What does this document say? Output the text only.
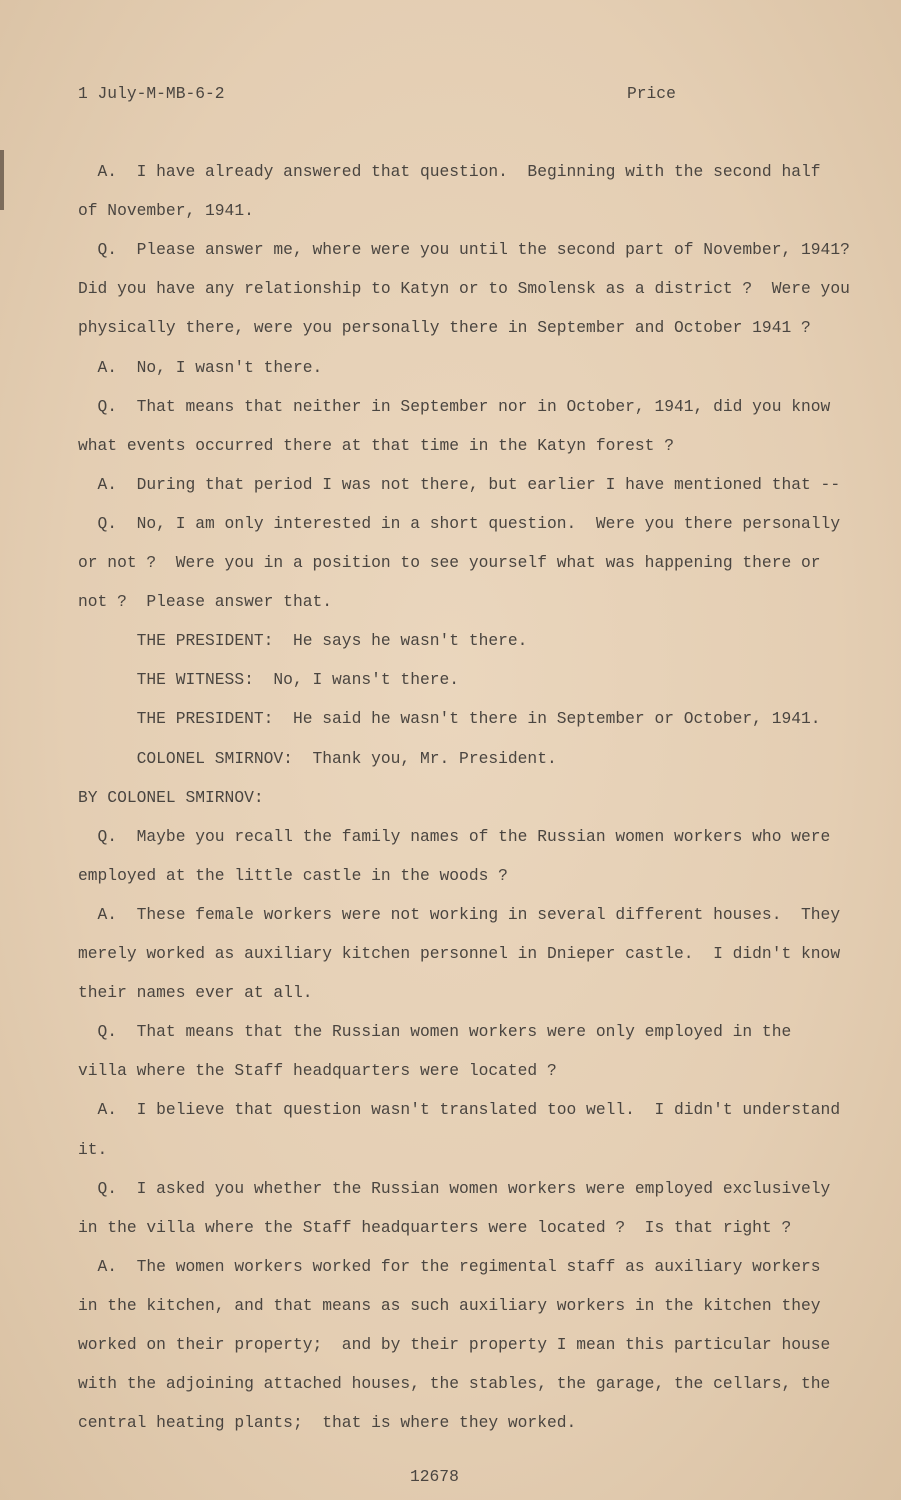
1 July-M-MB-6-2	Price
A.  I have already answered that question.  Beginning with the second half
of November, 1941.
Q.  Please answer me, where were you until the second part of November, 1941?
Did you have any relationship to Katyn or to Smolensk as a district ?  Were you
physically there, were you personally there in September and October 1941 ?
A.  No, I wasn't there.
Q.  That means that neither in September nor in October, 1941, did you know
what events occurred there at that time in the Katyn forest ?
A.  During that period I was not there, but earlier I have mentioned that --
Q.  No, I am only interested in a short question.  Were you there personally
or not ?  Were you in a position to see yourself what was happening there or
not ?  Please answer that.
THE PRESIDENT:  He says he wasn't there.
THE WITNESS:  No, I wans't there.
THE PRESIDENT:  He said he wasn't there in September or October, 1941.
COLONEL SMIRNOV:  Thank you, Mr. President.
BY COLONEL SMIRNOV:
Q.  Maybe you recall the family names of the Russian women workers who were
employed at the little castle in the woods ?
A.  These female workers were not working in several different houses.  They
merely worked as auxiliary kitchen personnel in Dnieper castle.  I didn't know
their names ever at all.
Q.  That means that the Russian women workers were only employed in the
villa where the Staff headquarters were located ?
A.  I believe that question wasn't translated too well.  I didn't understand
it.
Q.  I asked you whether the Russian women workers were employed exclusively
in the villa where the Staff headquarters were located ?  Is that right ?
A.  The women workers worked for the regimental staff as auxiliary workers
in the kitchen, and that means as such auxiliary workers in the kitchen they
worked on their property;  and by their property I mean this particular house
with the adjoining attached houses, the stables, the garage, the cellars, the
central heating plants;  that is where they worked.
12678
